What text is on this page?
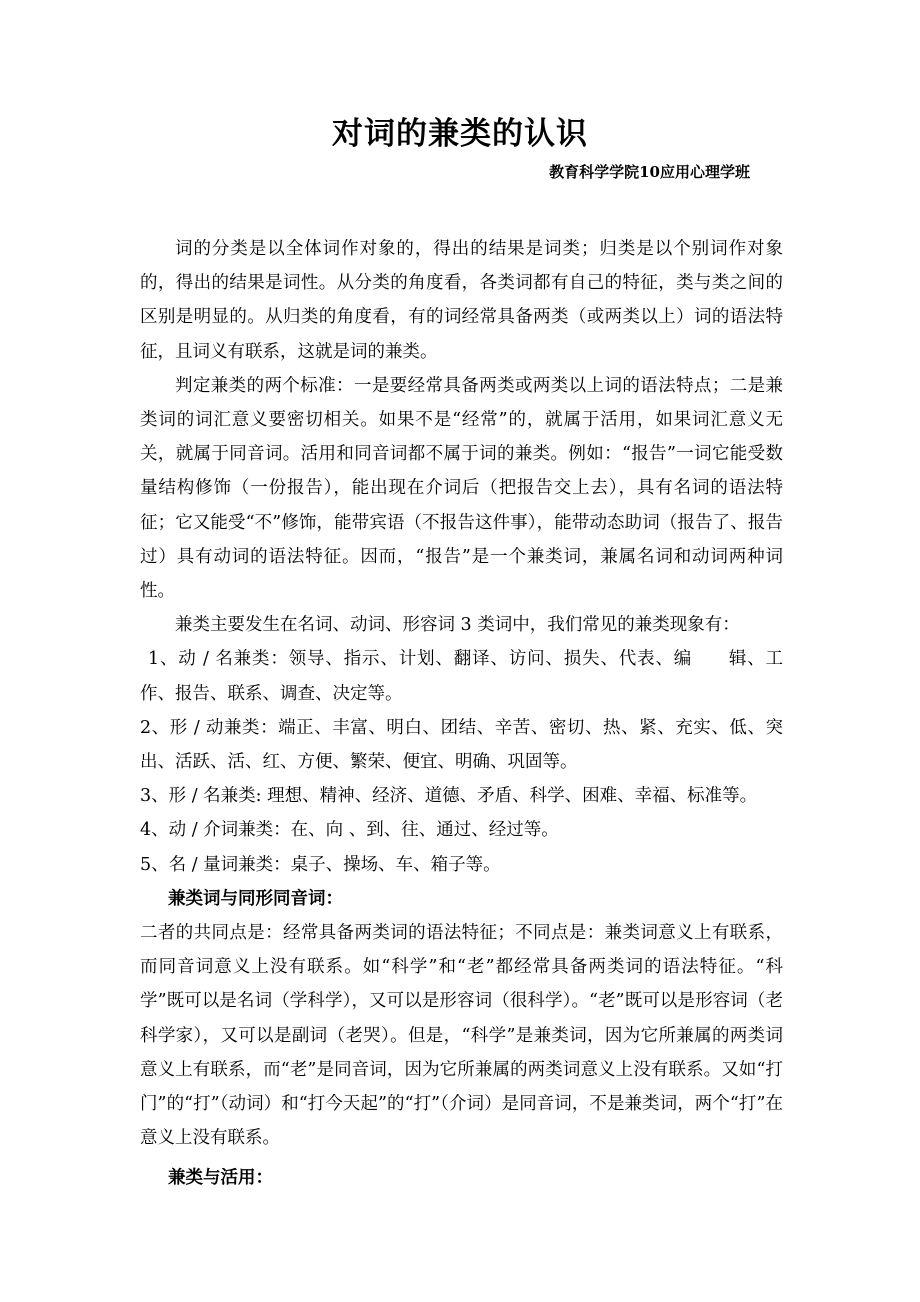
对词的兼类的认识
教育科学学院10应用心理学班

词的分类是以全体词作对象的，得出的结果是词类；归类是以个别词作对象的，得出的结果是词性。从分类的角度看，各类词都有自己的特征，类与类之间的区别是明显的。从归类的角度看，有的词经常具备两类（或两类以上）词的语法特征，且词义有联系，这就是词的兼类。

判定兼类的两个标准：一是要经常具备两类或两类以上词的语法特点；二是兼类词的词汇意义要密切相关。如果不是“经常”的，就属于活用，如果词汇意义无关，就属于同音词。活用和同音词都不属于词的兼类。例如：“报告”一词它能受数量结构修饰（一份报告），能出现在介词后（把报告交上去），具有名词的语法特征；它又能受“不”修饰，能带宾语（不报告这件事），能带动态助词（报告了、报告过）具有动词的语法特征。因而，“报告”是一个兼类词，兼属名词和动词两种词性。

兼类主要发生在名词、动词、形容词 3 类词中，我们常见的兼类现象有：

1、动 / 名兼类：领导、指示、计划、翻译、访问、损失、代表、编　　辑、工作、报告、联系、调查、决定等。

2、形 / 动兼类：端正、丰富、明白、团结、辛苦、密切、热、紧、充实、低、突出、活跃、活、红、方便、繁荣、便宜、明确、巩固等。

3、形 / 名兼类: 理想、精神、经济、道德、矛盾、科学、困难、幸福、标准等。

4、动 / 介词兼类：在、向 、到、往、通过、经过等。

5、名 / 量词兼类：桌子、操场、车、箱子等。

兼类词与同形同音词：

二者的共同点是：经常具备两类词的语法特征；不同点是：兼类词意义上有联系，而同音词意义上没有联系。如“科学”和“老”都经常具备两类词的语法特征。“科学”既可以是名词（学科学），又可以是形容词（很科学）。“老”既可以是形容词（老科学家），又可以是副词（老哭）。但是，“科学”是兼类词，因为它所兼属的两类词意义上有联系，而“老”是同音词，因为它所兼属的两类词意义上没有联系。又如“打门”的“打”（动词）和“打今天起”的“打”（介词）是同音词，不是兼类词，两个“打”在意义上没有联系。

兼类与活用：
